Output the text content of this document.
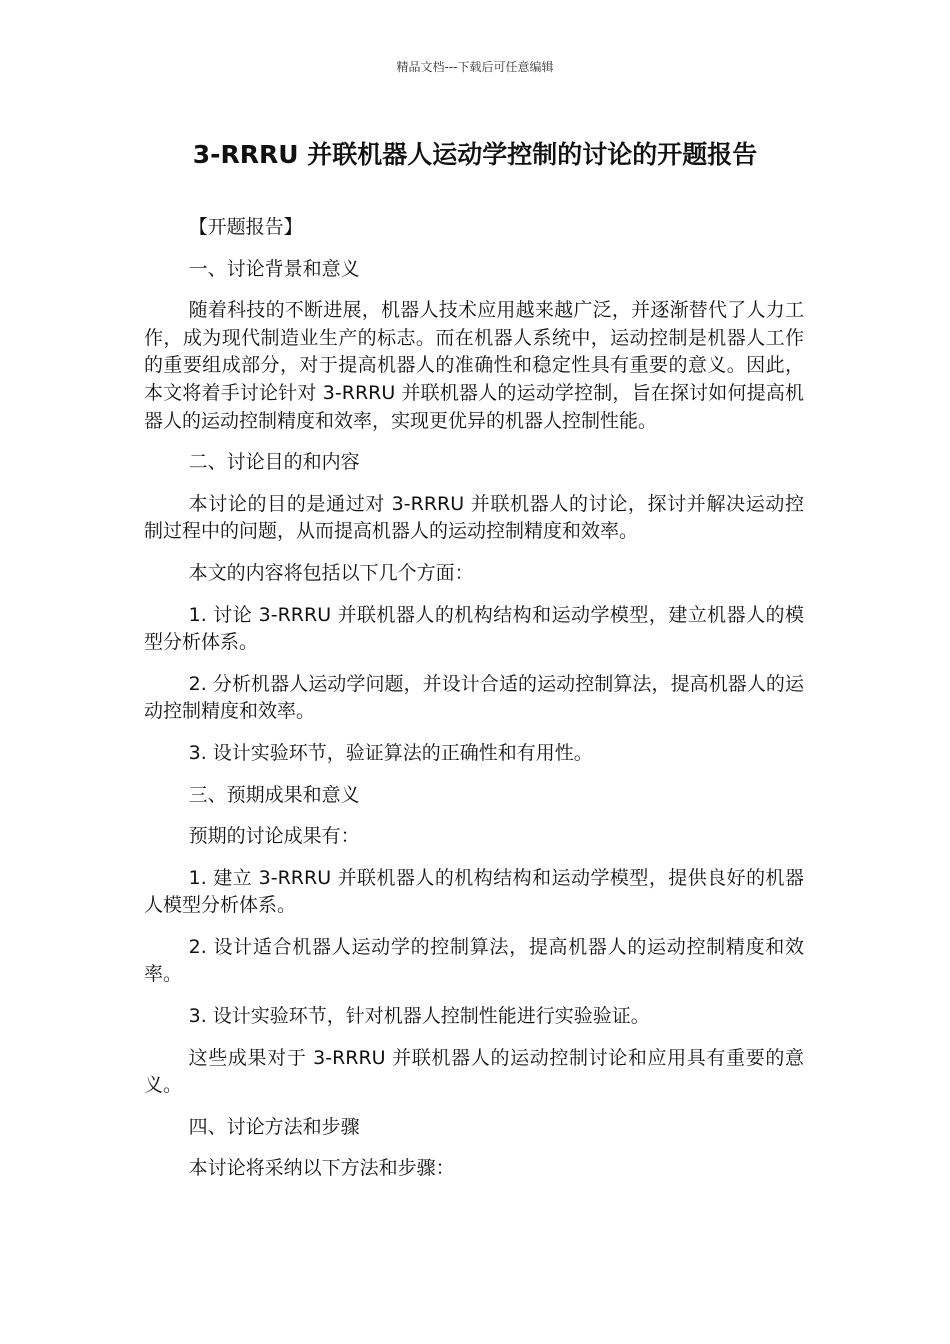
精品文档---下载后可任意编辑
3-RRRU 并联机器人运动学控制的讨论的开题报告

【开题报告】

一、讨论背景和意义

随着科技的不断进展，机器人技术应用越来越广泛，并逐渐替代了人力工作，成为现代制造业生产的标志。而在机器人系统中，运动控制是机器人工作的重要组成部分，对于提高机器人的准确性和稳定性具有重要的意义。因此，本文将着手讨论针对 3-RRRU 并联机器人的运动学控制，旨在探讨如何提高机器人的运动控制精度和效率，实现更优异的机器人控制性能。

二、讨论目的和内容

本讨论的目的是通过对 3-RRRU 并联机器人的讨论，探讨并解决运动控制过程中的问题，从而提高机器人的运动控制精度和效率。

本文的内容将包括以下几个方面：

1. 讨论 3-RRRU 并联机器人的机构结构和运动学模型，建立机器人的模型分析体系。

2. 分析机器人运动学问题，并设计合适的运动控制算法，提高机器人的运动控制精度和效率。

3. 设计实验环节，验证算法的正确性和有用性。

三、预期成果和意义

预期的讨论成果有：

1. 建立 3-RRRU 并联机器人的机构结构和运动学模型，提供良好的机器人模型分析体系。

2. 设计适合机器人运动学的控制算法，提高机器人的运动控制精度和效率。

3. 设计实验环节，针对机器人控制性能进行实验验证。

这些成果对于 3-RRRU 并联机器人的运动控制讨论和应用具有重要的意义。

四、讨论方法和步骤

本讨论将采纳以下方法和步骤：
